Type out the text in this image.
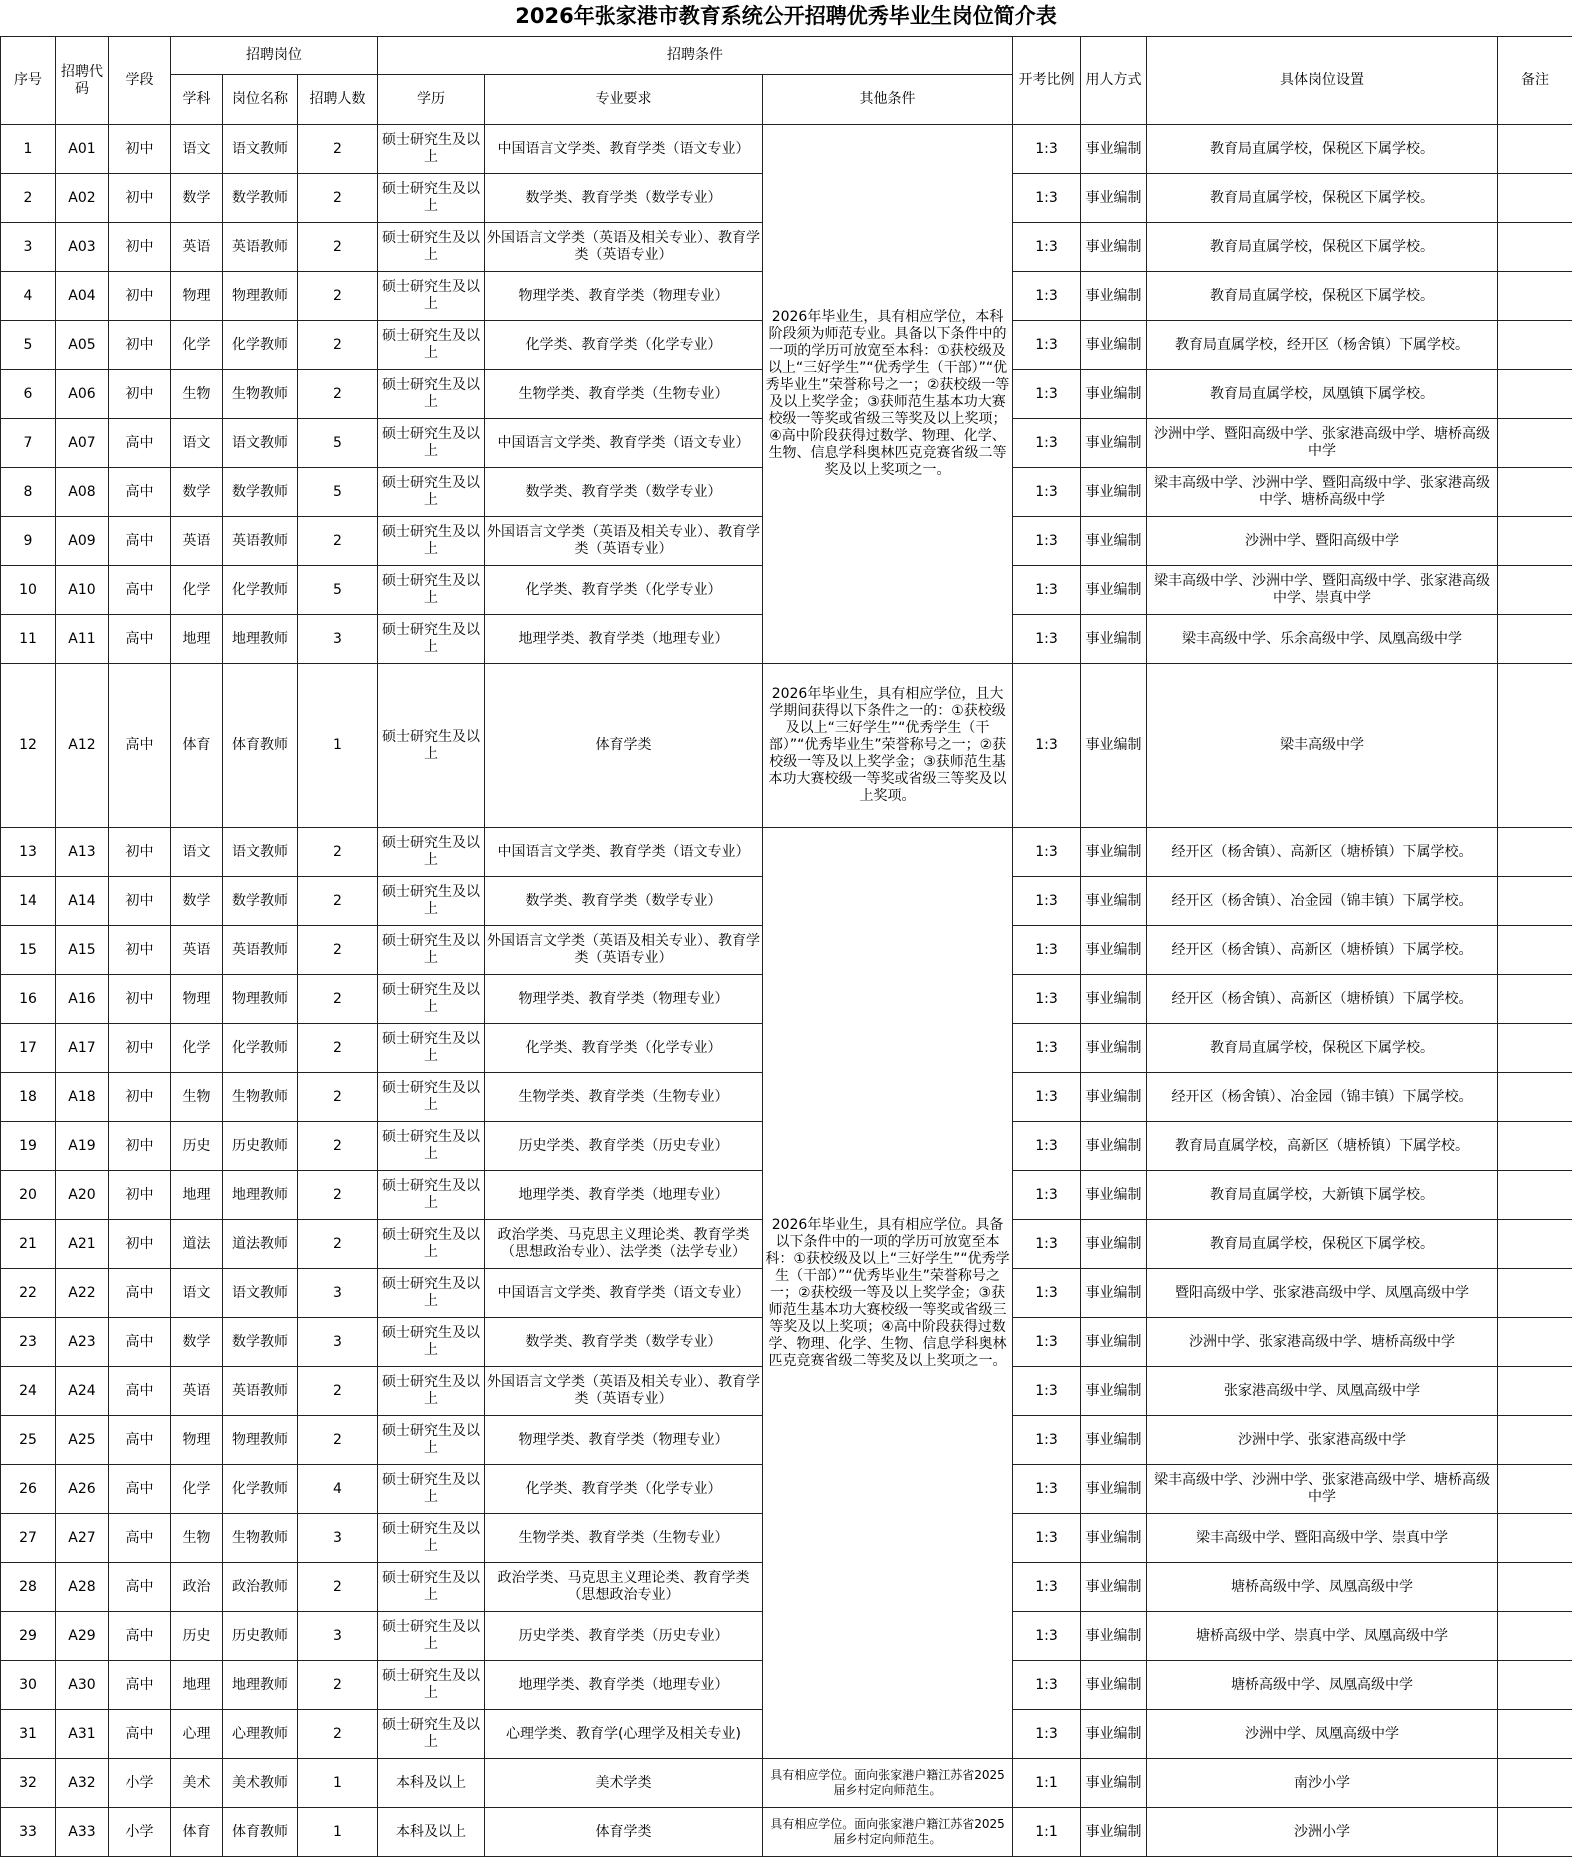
2026年张家港市教育系统公开招聘优秀毕业生岗位简介表
序号	招聘代码	学段	招聘岗位			招聘条件			开考比例	用人方式	具体岗位设置	备注
			学科	岗位名称	招聘人数	学历	专业要求	其他条件				
1	A01	初中	语文	语文教师	2	硕士研究生及以上	中国语言文学类、教育学类（语文专业）	2026年毕业生，具有相应学位，本科阶段须为师范专业。具备以下条件中的一项的学历可放宽至本科：①获校级及以上“三好学生”“优秀学生（干部）”“优秀毕业生”荣誉称号之一；②获校级一等及以上奖学金；③获师范生基本功大赛校级一等奖或省级三等奖及以上奖项；④高中阶段获得过数学、物理、化学、生物、信息学科奥林匹克竞赛省级二等奖及以上奖项之一。	1:3	事业编制	教育局直属学校，保税区下属学校。	
2	A02	初中	数学	数学教师	2	硕士研究生及以上	数学类、教育学类（数学专业）		1:3	事业编制	教育局直属学校，保税区下属学校。	
3	A03	初中	英语	英语教师	2	硕士研究生及以上	外国语言文学类（英语及相关专业）、教育学类（英语专业）		1:3	事业编制	教育局直属学校，保税区下属学校。	
4	A04	初中	物理	物理教师	2	硕士研究生及以上	物理学类、教育学类（物理专业）		1:3	事业编制	教育局直属学校，保税区下属学校。	
5	A05	初中	化学	化学教师	2	硕士研究生及以上	化学类、教育学类（化学专业）		1:3	事业编制	教育局直属学校，经开区（杨舍镇）下属学校。	
6	A06	初中	生物	生物教师	2	硕士研究生及以上	生物学类、教育学类（生物专业）		1:3	事业编制	教育局直属学校，凤凰镇下属学校。	
7	A07	高中	语文	语文教师	5	硕士研究生及以上	中国语言文学类、教育学类（语文专业）		1:3	事业编制	沙洲中学、暨阳高级中学、张家港高级中学、塘桥高级中学	
8	A08	高中	数学	数学教师	5	硕士研究生及以上	数学类、教育学类（数学专业）		1:3	事业编制	梁丰高级中学、沙洲中学、暨阳高级中学、张家港高级中学、塘桥高级中学	
9	A09	高中	英语	英语教师	2	硕士研究生及以上	外国语言文学类（英语及相关专业）、教育学类（英语专业）		1:3	事业编制	沙洲中学、暨阳高级中学	
10	A10	高中	化学	化学教师	5	硕士研究生及以上	化学类、教育学类（化学专业）		1:3	事业编制	梁丰高级中学、沙洲中学、暨阳高级中学、张家港高级中学、崇真中学	
11	A11	高中	地理	地理教师	3	硕士研究生及以上	地理学类、教育学类（地理专业）		1:3	事业编制	梁丰高级中学、乐余高级中学、凤凰高级中学	
12	A12	高中	体育	体育教师	1	硕士研究生及以上	体育学类	2026年毕业生，具有相应学位，且大学期间获得以下条件之一的：①获校级及以上“三好学生”“优秀学生（干部）”“优秀毕业生”荣誉称号之一；②获校级一等及以上奖学金；③获师范生基本功大赛校级一等奖或省级三等奖及以上奖项。	1:3	事业编制	梁丰高级中学	
13	A13	初中	语文	语文教师	2	硕士研究生及以上	中国语言文学类、教育学类（语文专业）	2026年毕业生，具有相应学位。具备以下条件中的一项的学历可放宽至本科：①获校级及以上“三好学生”“优秀学生（干部）”“优秀毕业生”荣誉称号之一；②获校级一等及以上奖学金；③获师范生基本功大赛校级一等奖或省级三等奖及以上奖项；④高中阶段获得过数学、物理、化学、生物、信息学科奥林匹克竞赛省级二等奖及以上奖项之一。	1:3	事业编制	经开区（杨舍镇）、高新区（塘桥镇）下属学校。	
14	A14	初中	数学	数学教师	2	硕士研究生及以上	数学类、教育学类（数学专业）		1:3	事业编制	经开区（杨舍镇）、冶金园（锦丰镇）下属学校。	
15	A15	初中	英语	英语教师	2	硕士研究生及以上	外国语言文学类（英语及相关专业）、教育学类（英语专业）		1:3	事业编制	经开区（杨舍镇）、高新区（塘桥镇）下属学校。	
16	A16	初中	物理	物理教师	2	硕士研究生及以上	物理学类、教育学类（物理专业）		1:3	事业编制	经开区（杨舍镇）、高新区（塘桥镇）下属学校。	
17	A17	初中	化学	化学教师	2	硕士研究生及以上	化学类、教育学类（化学专业）		1:3	事业编制	教育局直属学校，保税区下属学校。	
18	A18	初中	生物	生物教师	2	硕士研究生及以上	生物学类、教育学类（生物专业）		1:3	事业编制	经开区（杨舍镇）、冶金园（锦丰镇）下属学校。	
19	A19	初中	历史	历史教师	2	硕士研究生及以上	历史学类、教育学类（历史专业）		1:3	事业编制	教育局直属学校，高新区（塘桥镇）下属学校。	
20	A20	初中	地理	地理教师	2	硕士研究生及以上	地理学类、教育学类（地理专业）		1:3	事业编制	教育局直属学校，大新镇下属学校。	
21	A21	初中	道法	道法教师	2	硕士研究生及以上	政治学类、马克思主义理论类、教育学类（思想政治专业）、法学类（法学专业）		1:3	事业编制	教育局直属学校，保税区下属学校。	
22	A22	高中	语文	语文教师	3	硕士研究生及以上	中国语言文学类、教育学类（语文专业）		1:3	事业编制	暨阳高级中学、张家港高级中学、凤凰高级中学	
23	A23	高中	数学	数学教师	3	硕士研究生及以上	数学类、教育学类（数学专业）		1:3	事业编制	沙洲中学、张家港高级中学、塘桥高级中学	
24	A24	高中	英语	英语教师	2	硕士研究生及以上	外国语言文学类（英语及相关专业）、教育学类（英语专业）		1:3	事业编制	张家港高级中学、凤凰高级中学	
25	A25	高中	物理	物理教师	2	硕士研究生及以上	物理学类、教育学类（物理专业）		1:3	事业编制	沙洲中学、张家港高级中学	
26	A26	高中	化学	化学教师	4	硕士研究生及以上	化学类、教育学类（化学专业）		1:3	事业编制	梁丰高级中学、沙洲中学、张家港高级中学、塘桥高级中学	
27	A27	高中	生物	生物教师	3	硕士研究生及以上	生物学类、教育学类（生物专业）		1:3	事业编制	梁丰高级中学、暨阳高级中学、崇真中学	
28	A28	高中	政治	政治教师	2	硕士研究生及以上	政治学类、马克思主义理论类、教育学类（思想政治专业）		1:3	事业编制	塘桥高级中学、凤凰高级中学	
29	A29	高中	历史	历史教师	3	硕士研究生及以上	历史学类、教育学类（历史专业）		1:3	事业编制	塘桥高级中学、崇真中学、凤凰高级中学	
30	A30	高中	地理	地理教师	2	硕士研究生及以上	地理学类、教育学类（地理专业）		1:3	事业编制	塘桥高级中学、凤凰高级中学	
31	A31	高中	心理	心理教师	2	硕士研究生及以上	心理学类、教育学(心理学及相关专业)		1:3	事业编制	沙洲中学、凤凰高级中学	
32	A32	小学	美术	美术教师	1	本科及以上	美术学类	具有相应学位。面向张家港户籍江苏省2025届乡村定向师范生。	1:1	事业编制	南沙小学	
33	A33	小学	体育	体育教师	1	本科及以上	体育学类	具有相应学位。面向张家港户籍江苏省2025届乡村定向师范生。	1:1	事业编制	沙洲小学	
